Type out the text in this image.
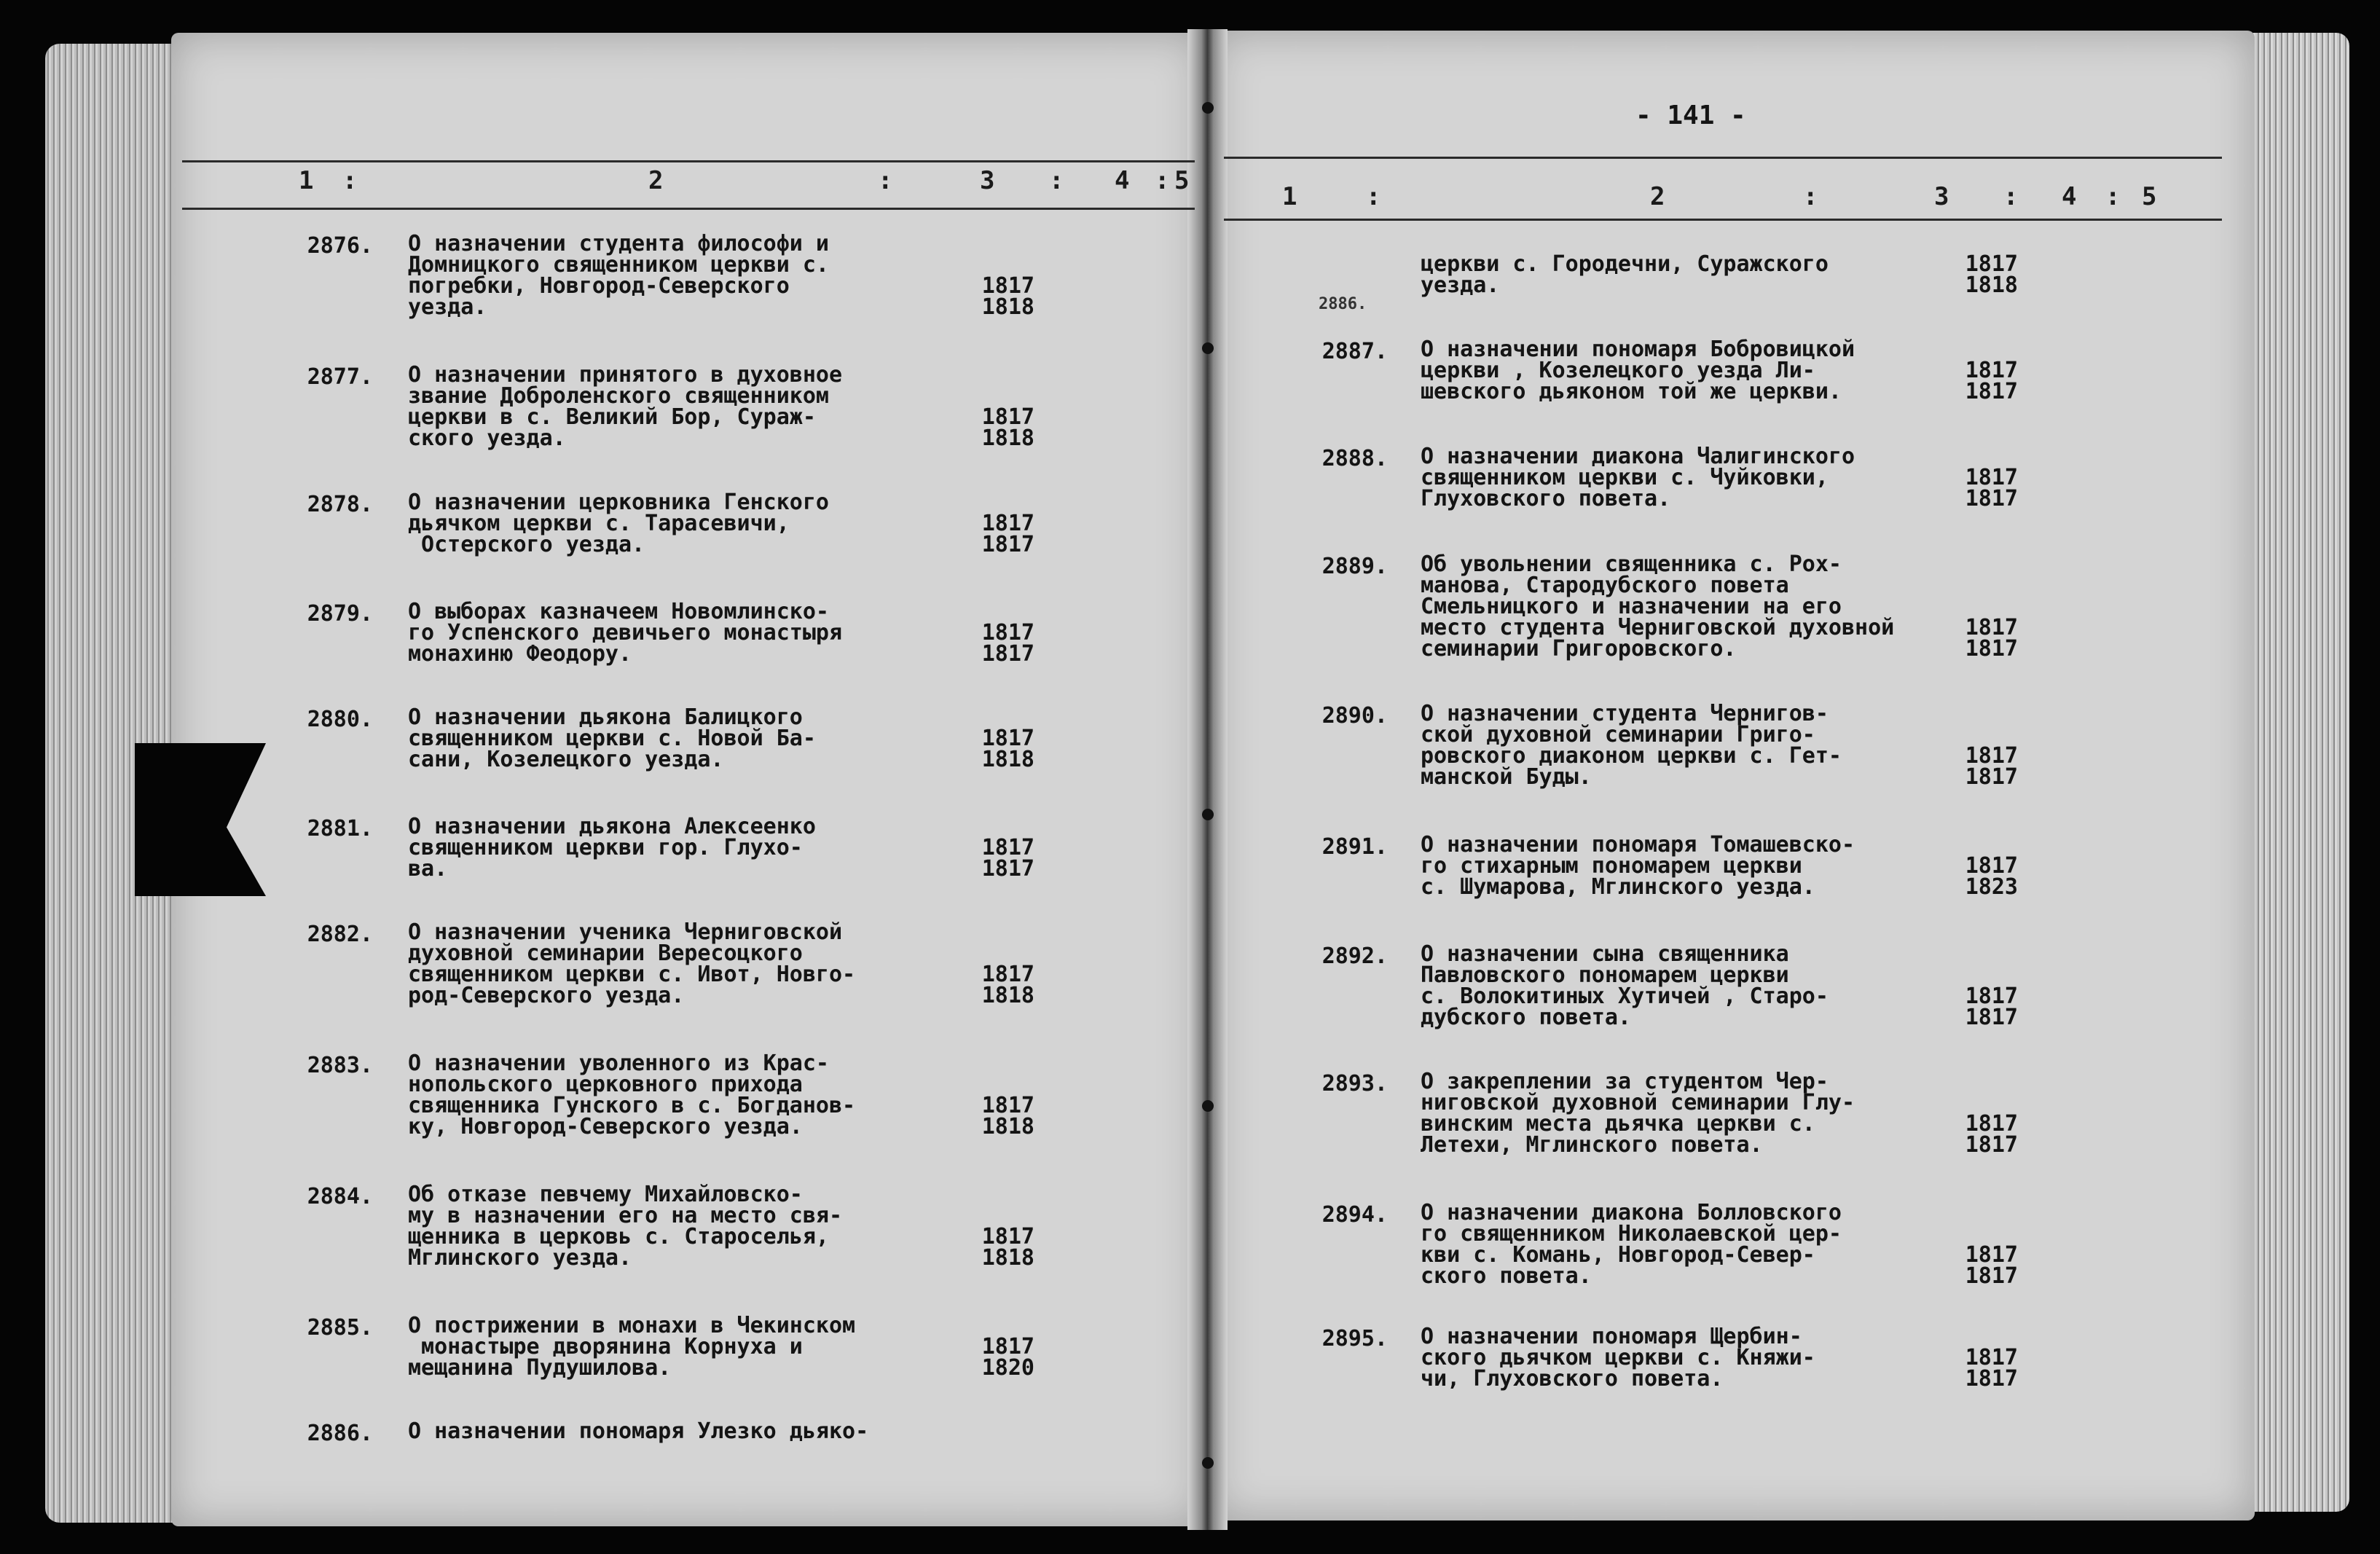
- 141 -
1 :	2	:	3 : 4 : 5
1	:	2	:	3 : 4 : 5
2876. О назначении студента философи и
Домницкого священником церкви с.
погребки, Новгород-Северского
уезда.
1817
1818
2877. О назначении принятого в духовное
звание Доброленского священником
церкви в с. Великий Бор, Сураж-
ского уезда.
1817
1818
2878. О назначении церковника Генского
дьячком церкви с. Тарасевичи,
Остерского уезда.
1817
1817
2879. О выборах казначеем Новомлинско-
го Успенского девичьего монастыря
монахиню Феодору.
1817
1817
2880. О назначении дьякона Балицкого
священником церкви с. Новой Ба-
сани, Козелецкого уезда.
1817
1818
2881. О назначении дьякона Алексеенко
священником церкви гор. Глухо-
ва.
1817
1817
2882. О назначении ученика Черниговской
духовной семинарии Вересоцкого
священником церкви с. Ивот, Новго-
род-Северского уезда.
1817
1818
2883. О назначении уволенного из Крас-
нопольского церковного прихода
священника Гунского в с. Богданов-
ку, Новгород-Северского уезда.
1817
1818
2884. Об отказе певчему Михайловско-
му в назначении его на место свя-
щенника в церковь с. Староселья,
Мглинского уезда.
1817
1818
2885. О пострижении в монахи в Чекинском
монастыре дворянина Корнуха и
мещанина Пудушилова.
1817
1820
2886. О назначении пономаря Улезко дьяко-
церкви с. Городечни, Суражского
уезда.
1817
1818
2887. О назначении пономаря Бобровицкой
церкви , Козелецкого уезда Ли-
шевского дьяконом той же церкви.
1817
1817
2888. О назначении диакона Чалигинского
священником церкви с. Чуйковки,
Глуховского повета.
1817
1817
2889. Об увольнении священника с. Рох-
манова, Стародубского повета
Смельницкого и назначении на его
место студента Черниговской духовной
семинарии Григоровского.
1817
1817
2890. О назначении студента Чернигов-
ской духовной семинарии Григо-
ровского диаконом церкви с. Гет-
манской Буды.
1817
1817
2891. О назначении пономаря Томашевско-
го стихарным пономарем церкви
с. Шумарова, Мглинского уезда.
1817
1823
2892. О назначении сына священника
Павловского пономарем церкви
с. Волокитиных Хутичей , Старо-
дубского повета.
1817
1817
2893. О закреплении за студентом Чер-
ниговской духовной семинарии Глу-
винским места дьячка церкви с.
Летехи, Мглинского повета.
1817
1817
2894. О назначении диакона Болловского
го священником Николаевской цер-
кви с. Комань, Новгород-Север-
ского повета.
1817
1817
2895. О назначении пономаря Щербин-
ского дьячком церкви с. Княжи-
чи, Глуховского повета.
1817
1817
2886.
